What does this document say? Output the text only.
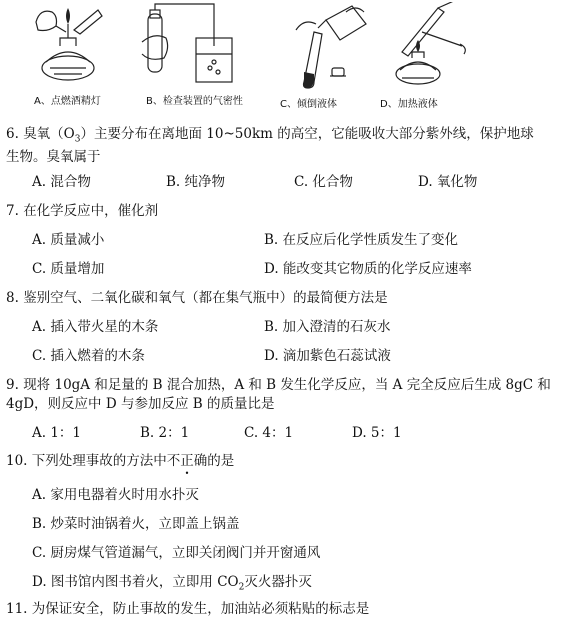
A、点燃酒精灯	B、检查装置的气密性	C、倾倒液体	D、加热液体
6. 臭氧$(O_3)$主要分布在离地面 10~50km 的高空，它能吸收大部分紫外线，保护地球
生物。臭氧属于
A. 混合物	B. 纯净物	C. 化合物	D. 氧化物
7. 在化学反应中，催化剂
A. 质量减小	B. 在反应后化学性质发生了变化
C. 质量增加	D. 能改变其它物质的化学反应速率
8. 鉴别空气、二氧化碳和氧气（都在集气瓶中）的最简便方法是
A. 插入带火星的木条	B. 加入澄清的石灰水
C. 插入燃着的木条	D. 滴加紫色石蕊试液
9. 现将 10gA 和足量的 B 混合加热，A 和 B 发生化学反应，当 A 完全反应后生成 8gC 和
4gD，则反应中 D 与参加反应 B 的质量比是
A. 1：1	B. 2：1	C. 4：1	D. 5：1
10. 下列处理事故的方法中不正确的是
A. 家用电器着火时用水扑灭
B. 炒菜时油锅着火，立即盖上锅盖
C. 厨房煤气管道漏气，立即关闭阀门并开窗通风
D. 图书馆内图书着火，立即用 $CO_2$灭火器扑灭
11. 为保证安全，防止事故的发生，加油站必须粘贴的标志是
